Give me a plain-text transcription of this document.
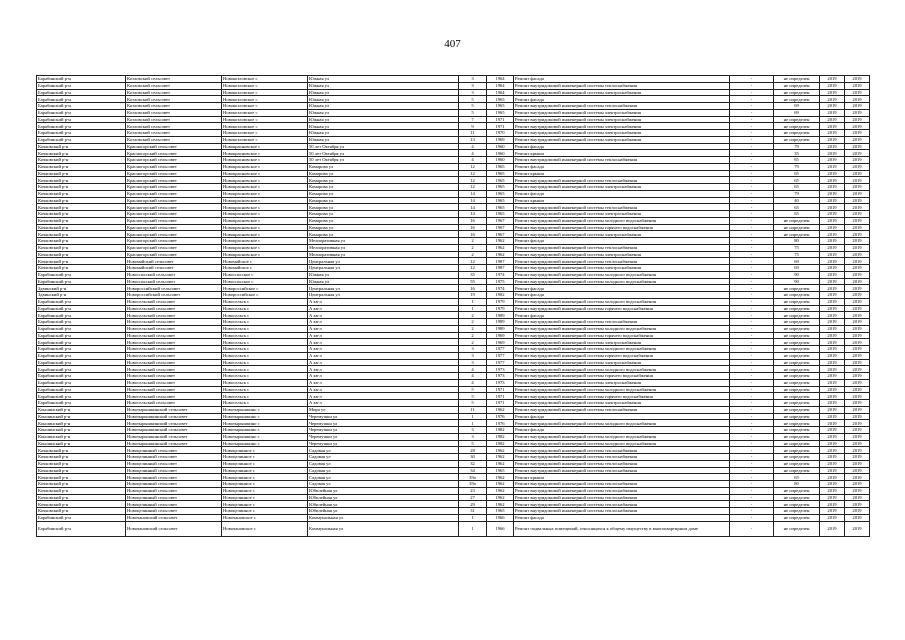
407
Барабинский р-н	Козловский сельсовет	Новокозловское с	Южная ул	3	1964	Ремонт фасада	-	не определен	2019	2019
Барабинский р-н	Козловский сельсовет	Новокозловское с	Южная ул	3	1964	Ремонт внутридомовой инженерной системы теплоснабжения	-	не определен	2019	2019
Барабинский р-н	Козловский сельсовет	Новокозловское с	Южная ул	3	1964	Ремонт внутридомовой инженерной системы электроснабжения	-	не определен	2019	2019
Барабинский р-н	Козловский сельсовет	Новокозловское с	Южная ул	5	1965	Ремонт фасада	-	не определен	2019	2019
Барабинский р-н	Козловский сельсовет	Новокозловское с	Южная ул	5	1965	Ремонт внутридомовой инженерной системы теплоснабжения	-	69	2019	2019
Барабинский р-н	Козловский сельсовет	Новокозловское с	Южная ул	5	1965	Ремонт внутридомовой инженерной системы электроснабжения	-	69	2019	2019
Барабинский р-н	Козловский сельсовет	Новокозловское с	Южная ул	7	1971	Ремонт внутридомовой инженерной системы электроснабжения	-	не определен	2019	2019
Барабинский р-н	Козловский сельсовет	Новокозловское с	Южная ул	9	1971	Ремонт внутридомовой инженерной системы электроснабжения	-	не определен	2019	2019
Барабинский р-н	Козловский сельсовет	Новокозловское с	Южная ул	11	1970	Ремонт внутридомовой инженерной системы электроснабжения	-	не определен	2019	2019
Барабинский р-н	Козловский сельсовет	Новокозловское с	Южная ул	13	1969	Ремонт внутридомовой инженерной системы электроснабжения	-	не определен	2019	2019
Кочковский р-н	Красногорский сельсовет	Новокрасновское с	50 лет Октября ул	4	1960	Ремонт фасада	-	79	2019	2019
Кочковский р-н	Красногорский сельсовет	Новокрасновское с	50 лет Октября ул	4	1960	Ремонт крыши	-	35	2019	2019
Кочковский р-н	Красногорский сельсовет	Новокрасновское с	50 лет Октября ул	4	1960	Ремонт внутридомовой инженерной системы теплоснабжения	-	65	2019	2019
Кочковский р-н	Красногорский сельсовет	Новокрасновское с	Комарова ул	12	1965	Ремонт фасада	-	79	2019	2019
Кочковский р-н	Красногорский сельсовет	Новокрасновское с	Комарова ул	12	1965	Ремонт крыши	-	65	2019	2019
Кочковский р-н	Красногорский сельсовет	Новокрасновское с	Комарова ул	12	1965	Ремонт внутридомовой инженерной системы теплоснабжения	-	65	2019	2019
Кочковский р-н	Красногорский сельсовет	Новокрасновское с	Комарова ул	12	1965	Ремонт внутридомовой инженерной системы электроснабжения	-	65	2019	2019
Кочковский р-н	Красногорский сельсовет	Новокрасновское с	Комарова ул	14	1965	Ремонт фасада	-	79	2019	2019
Кочковский р-н	Красногорский сельсовет	Новокрасновское с	Комарова ул	14	1965	Ремонт крыши	-	40	2019	2019
Кочковский р-н	Красногорский сельсовет	Новокрасновское с	Комарова ул	14	1965	Ремонт внутридомовой инженерной системы теплоснабжения	-	65	2019	2019
Кочковский р-н	Красногорский сельсовет	Новокрасновское с	Комарова ул	14	1965	Ремонт внутридомовой инженерной системы электроснабжения	-	65	2019	2019
Кочковский р-н	Красногорский сельсовет	Новокрасновское с	Комарова ул	16	1967	Ремонт внутридомовой инженерной системы холодного водоснабжения	-	не определен	2019	2019
Кочковский р-н	Красногорский сельсовет	Новокрасновское с	Комарова ул	16	1967	Ремонт внутридомовой инженерной системы горячего водоснабжения	-	не определен	2019	2019
Кочковский р-н	Красногорский сельсовет	Новокрасновское с	Комарова ул	16	1967	Ремонт внутридомовой инженерной системы электроснабжения	-	не определен	2019	2019
Кочковский р-н	Красногорский сельсовет	Новокрасновское с	Мелиоративная ул	2	1962	Ремонт фасада	-	80	2019	2019
Кочковский р-н	Красногорский сельсовет	Новокрасновское с	Мелиоративная ул	2	1962	Ремонт внутридомовой инженерной системы теплоснабжения	-	75	2019	2019
Кочковский р-н	Красногорский сельсовет	Новокрасновское с	Мелиоративная ул	2	1962	Ремонт внутридомовой инженерной системы электроснабжения	-	75	2019	2019
Кочковский р-н	Новомайский сельсовет	Новомайское с	Центральная ул	12	1987	Ремонт внутридомовой инженерной системы теплоснабжения	-	69	2019	2019
Кочковский р-н	Новомайский сельсовет	Новомайское с	Центральная ул	12	1987	Ремонт внутридомовой инженерной системы электроснабжения	-	69	2019	2019
Барабинский р-н	Новоспасский сельсовет	Новоспасское с	Южная ул	35	1974	Ремонт внутридомовой инженерной системы холодного водоснабжения	-	90	2019	2019
Барабинский р-н	Новоспасский сельсовет	Новоспасское с	Южная ул	55	1975	Ремонт внутридомовой инженерной системы холодного водоснабжения	-	90	2019	2019
Здвинский р-н	Новороссийский сельсовет	Новороссийское с	Центральная ул	16	1974	Ремонт фасада	-	не определен	2019	2019
Здвинский р-н	Новороссийский сельсовет	Новороссийское с	Центральная ул	19	1982	Ремонт фасада	-	не определен	2019	2019
Барабинский р-н	Новосельский сельсовет	Новосельск с	А кв-л	1	1979	Ремонт внутридомовой инженерной системы холодного водоснабжения	-	не определен	2019	2019
Барабинский р-н	Новосельский сельсовет	Новосельск с	А кв-л	1	1979	Ремонт внутридомовой инженерной системы горячего водоснабжения	-	не определен	2019	2019
Барабинский р-н	Новосельский сельсовет	Новосельск с	А кв-л	2	1989	Ремонт фасада	-	не определен	2019	2019
Барабинский р-н	Новосельский сельсовет	Новосельск с	А кв-л	2	1989	Ремонт внутридомовой инженерной системы теплоснабжения	-	не определен	2019	2019
Барабинский р-н	Новосельский сельсовет	Новосельск с	А кв-л	2	1989	Ремонт внутридомовой инженерной системы холодного водоснабжения	-	не определен	2019	2019
Барабинский р-н	Новосельский сельсовет	Новосельск с	А кв-л	2	1969	Ремонт внутридомовой инженерной системы горячего водоснабжения	-	не определен	2019	2019
Барабинский р-н	Новосельский сельсовет	Новосельск с	А кв-л	2	1969	Ремонт внутридомовой инженерной системы электроснабжения	-	не определен	2019	2019
Барабинский р-н	Новосельский сельсовет	Новосельск с	А кв-л	3	1977	Ремонт внутридомовой инженерной системы холодного водоснабжения	-	не определен	2019	2019
Барабинский р-н	Новосельский сельсовет	Новосельск с	А кв-л	3	1977	Ремонт внутридомовой инженерной системы горячего водоснабжения	-	не определен	2019	2019
Барабинский р-н	Новосельский сельсовет	Новосельск с	А кв-л	3	1977	Ремонт внутридомовой инженерной системы электроснабжения	-	не определен	2019	2019
Барабинский р-н	Новосельский сельсовет	Новосельск с	А кв-л	4	1973	Ремонт внутридомовой инженерной системы холодного водоснабжения	-	не определен	2019	2019
Барабинский р-н	Новосельский сельсовет	Новосельск с	А кв-л	4	1973	Ремонт внутридомовой инженерной системы горячего водоснабжения	-	не определен	2019	2019
Барабинский р-н	Новосельский сельсовет	Новосельск с	А кв-л	4	1973	Ремонт внутридомовой инженерной системы электроснабжения	-	не определен	2019	2019
Барабинский р-н	Новосельский сельсовет	Новосельск с	А кв-л	5	1971	Ремонт внутридомовой инженерной системы холодного водоснабжения	-	не определен	2019	2019
Барабинский р-н	Новосельский сельсовет	Новосельск с	А кв-л	5	1971	Ремонт внутридомовой инженерной системы горячего водоснабжения	-	не определен	2019	2019
Барабинский р-н	Новосельский сельсовет	Новосельск с	А кв-л	5	1971	Ремонт внутридомовой инженерной системы электроснабжения	-	не определен	2019	2019
Коьшинский р-н	Новотырышкинский сельсовет	Новотырышкино с	Мира ул	11	1962	Ремонт внутридомовой инженерной системы теплоснабжения	-	не определен	2019	2019
Коьшинский р-н	Новотырышкинский сельсовет	Новотырышкино с	Черемушки ул	1	1976	Ремонт фасада	-	не определен	2019	2019
Коьшинский р-н	Новотырышкинский сельсовет	Новотырышкино с	Черемушки ул	1	1976	Ремонт внутридомовой инженерной системы холодного водоснабжения	-	не определен	2019	2019
Коьшинский р-н	Новотырышкинский сельсовет	Новотырышкино с	Черемушки ул	3	1982	Ремонт фасада	-	не определен	2019	2019
Коьшинский р-н	Новотырышкинский сельсовет	Новотырышкино с	Черемушки ул	3	1982	Ремонт внутридомовой инженерной системы холодного водоснабжения	-	не определен	2019	2019
Коьшинский р-н	Новотырышкинский сельсовет	Новотырышкино с	Черемушки ул	5	1982	Ремонт внутридомовой инженерной системы холодного водоснабжения	-	не определен	2019	2019
Кочковский р-н	Новоцелинный сельсовет	Новоцелинное с	Садовая ул	28	1962	Ремонт внутридомовой инженерной системы теплоснабжения	-	не определен	2019	2019
Кочковский р-н	Новоцелинный сельсовет	Новоцелинное с	Садовая ул	30	1962	Ремонт внутридомовой инженерной системы теплоснабжения	-	не определен	2019	2019
Кочковский р-н	Новоцелинный сельсовет	Новоцелинное с	Садовая ул	32	1962	Ремонт внутридомовой инженерной системы теплоснабжения	-	не определен	2019	2019
Кочковский р-н	Новоцелинный сельсовет	Новоцелинное с	Садовая ул	34	1965	Ремонт внутридомовой инженерной системы теплоснабжения	-	не определен	2019	2019
Кочковский р-н	Новоцелинный сельсовет	Новоцелинное с	Садовая ул	39а	1962	Ремонт крыши	-	65	2019	2019
Кочковский р-н	Новоцелинный сельсовет	Новоцелинное с	Садовая ул	39а	1962	Ремонт внутридомовой инженерной системы теплоснабжения	-	80	2019	2019
Кочковский р-н	Новоцелинный сельсовет	Новоцелинное с	Юбилейная ул	23	1962	Ремонт внутридомовой инженерной системы теплоснабжения	-	не определен	2019	2019
Кочковский р-н	Новоцелинный сельсовет	Новоцелинное с	Юбилейная ул	27	1962	Ремонт внутридомовой инженерной системы теплоснабжения	-	не определен	2019	2019
Кочковский р-н	Новоцелинный сельсовет	Новоцелинное с	Юбилейная ул	29	1962	Ремонт внутридомовой инженерной системы теплоснабжения	-	не определен	2019	2019
Кочковский р-н	Новоцелинный сельсовет	Новоцелинное с	Юбилейная ул	31	1965	Ремонт внутридомовой инженерной системы теплоснабжения	-	не определен	2019	2019
Барабинский р-н	Новочановский сельсовет	Новочановское с	Коммунальная ул	1	1966	Ремонт фасада	-	не определен	2019	2019
Барабинский р-н	Новочановский сельсовет	Новочановское с	Коммунальная ул	1	1966	Ремонт подвальных помещений, относящихся к общему имуществу в многоквартирном доме	-	не определен	2019	2019
